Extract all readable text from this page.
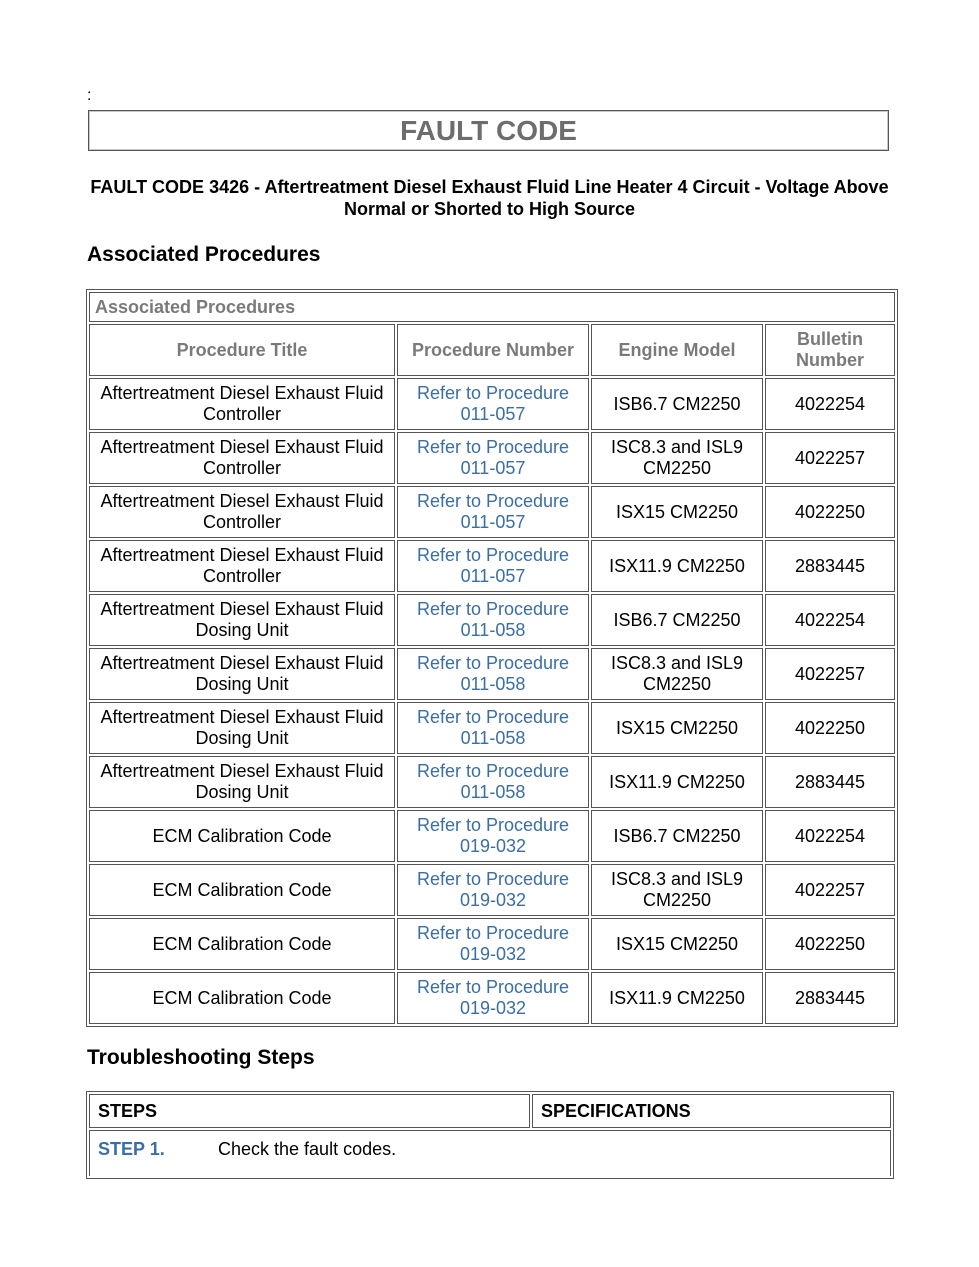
:
FAULT CODE
FAULT CODE 3426 - Aftertreatment Diesel Exhaust Fluid Line Heater 4 Circuit - Voltage Above Normal or Shorted to High Source
Associated Procedures
Associated Procedures			
Procedure Title	Procedure Number	Engine Model	Bulletin Number
Aftertreatment Diesel Exhaust Fluid Controller	Refer to Procedure 011-057	ISB6.7 CM2250	4022254
Aftertreatment Diesel Exhaust Fluid Controller	Refer to Procedure 011-057	ISC8.3 and ISL9 CM2250	4022257
Aftertreatment Diesel Exhaust Fluid Controller	Refer to Procedure 011-057	ISX15 CM2250	4022250
Aftertreatment Diesel Exhaust Fluid Controller	Refer to Procedure 011-057	ISX11.9 CM2250	2883445
Aftertreatment Diesel Exhaust Fluid Dosing Unit	Refer to Procedure 011-058	ISB6.7 CM2250	4022254
Aftertreatment Diesel Exhaust Fluid Dosing Unit	Refer to Procedure 011-058	ISC8.3 and ISL9 CM2250	4022257
Aftertreatment Diesel Exhaust Fluid Dosing Unit	Refer to Procedure 011-058	ISX15 CM2250	4022250
Aftertreatment Diesel Exhaust Fluid Dosing Unit	Refer to Procedure 011-058	ISX11.9 CM2250	2883445
ECM Calibration Code	Refer to Procedure 019-032	ISB6.7 CM2250	4022254
ECM Calibration Code	Refer to Procedure 019-032	ISC8.3 and ISL9 CM2250	4022257
ECM Calibration Code	Refer to Procedure 019-032	ISX15 CM2250	4022250
ECM Calibration Code	Refer to Procedure 019-032	ISX11.9 CM2250	2883445
Troubleshooting Steps
STEPS	SPECIFICATIONS
STEP 1.	Check the fault codes.
